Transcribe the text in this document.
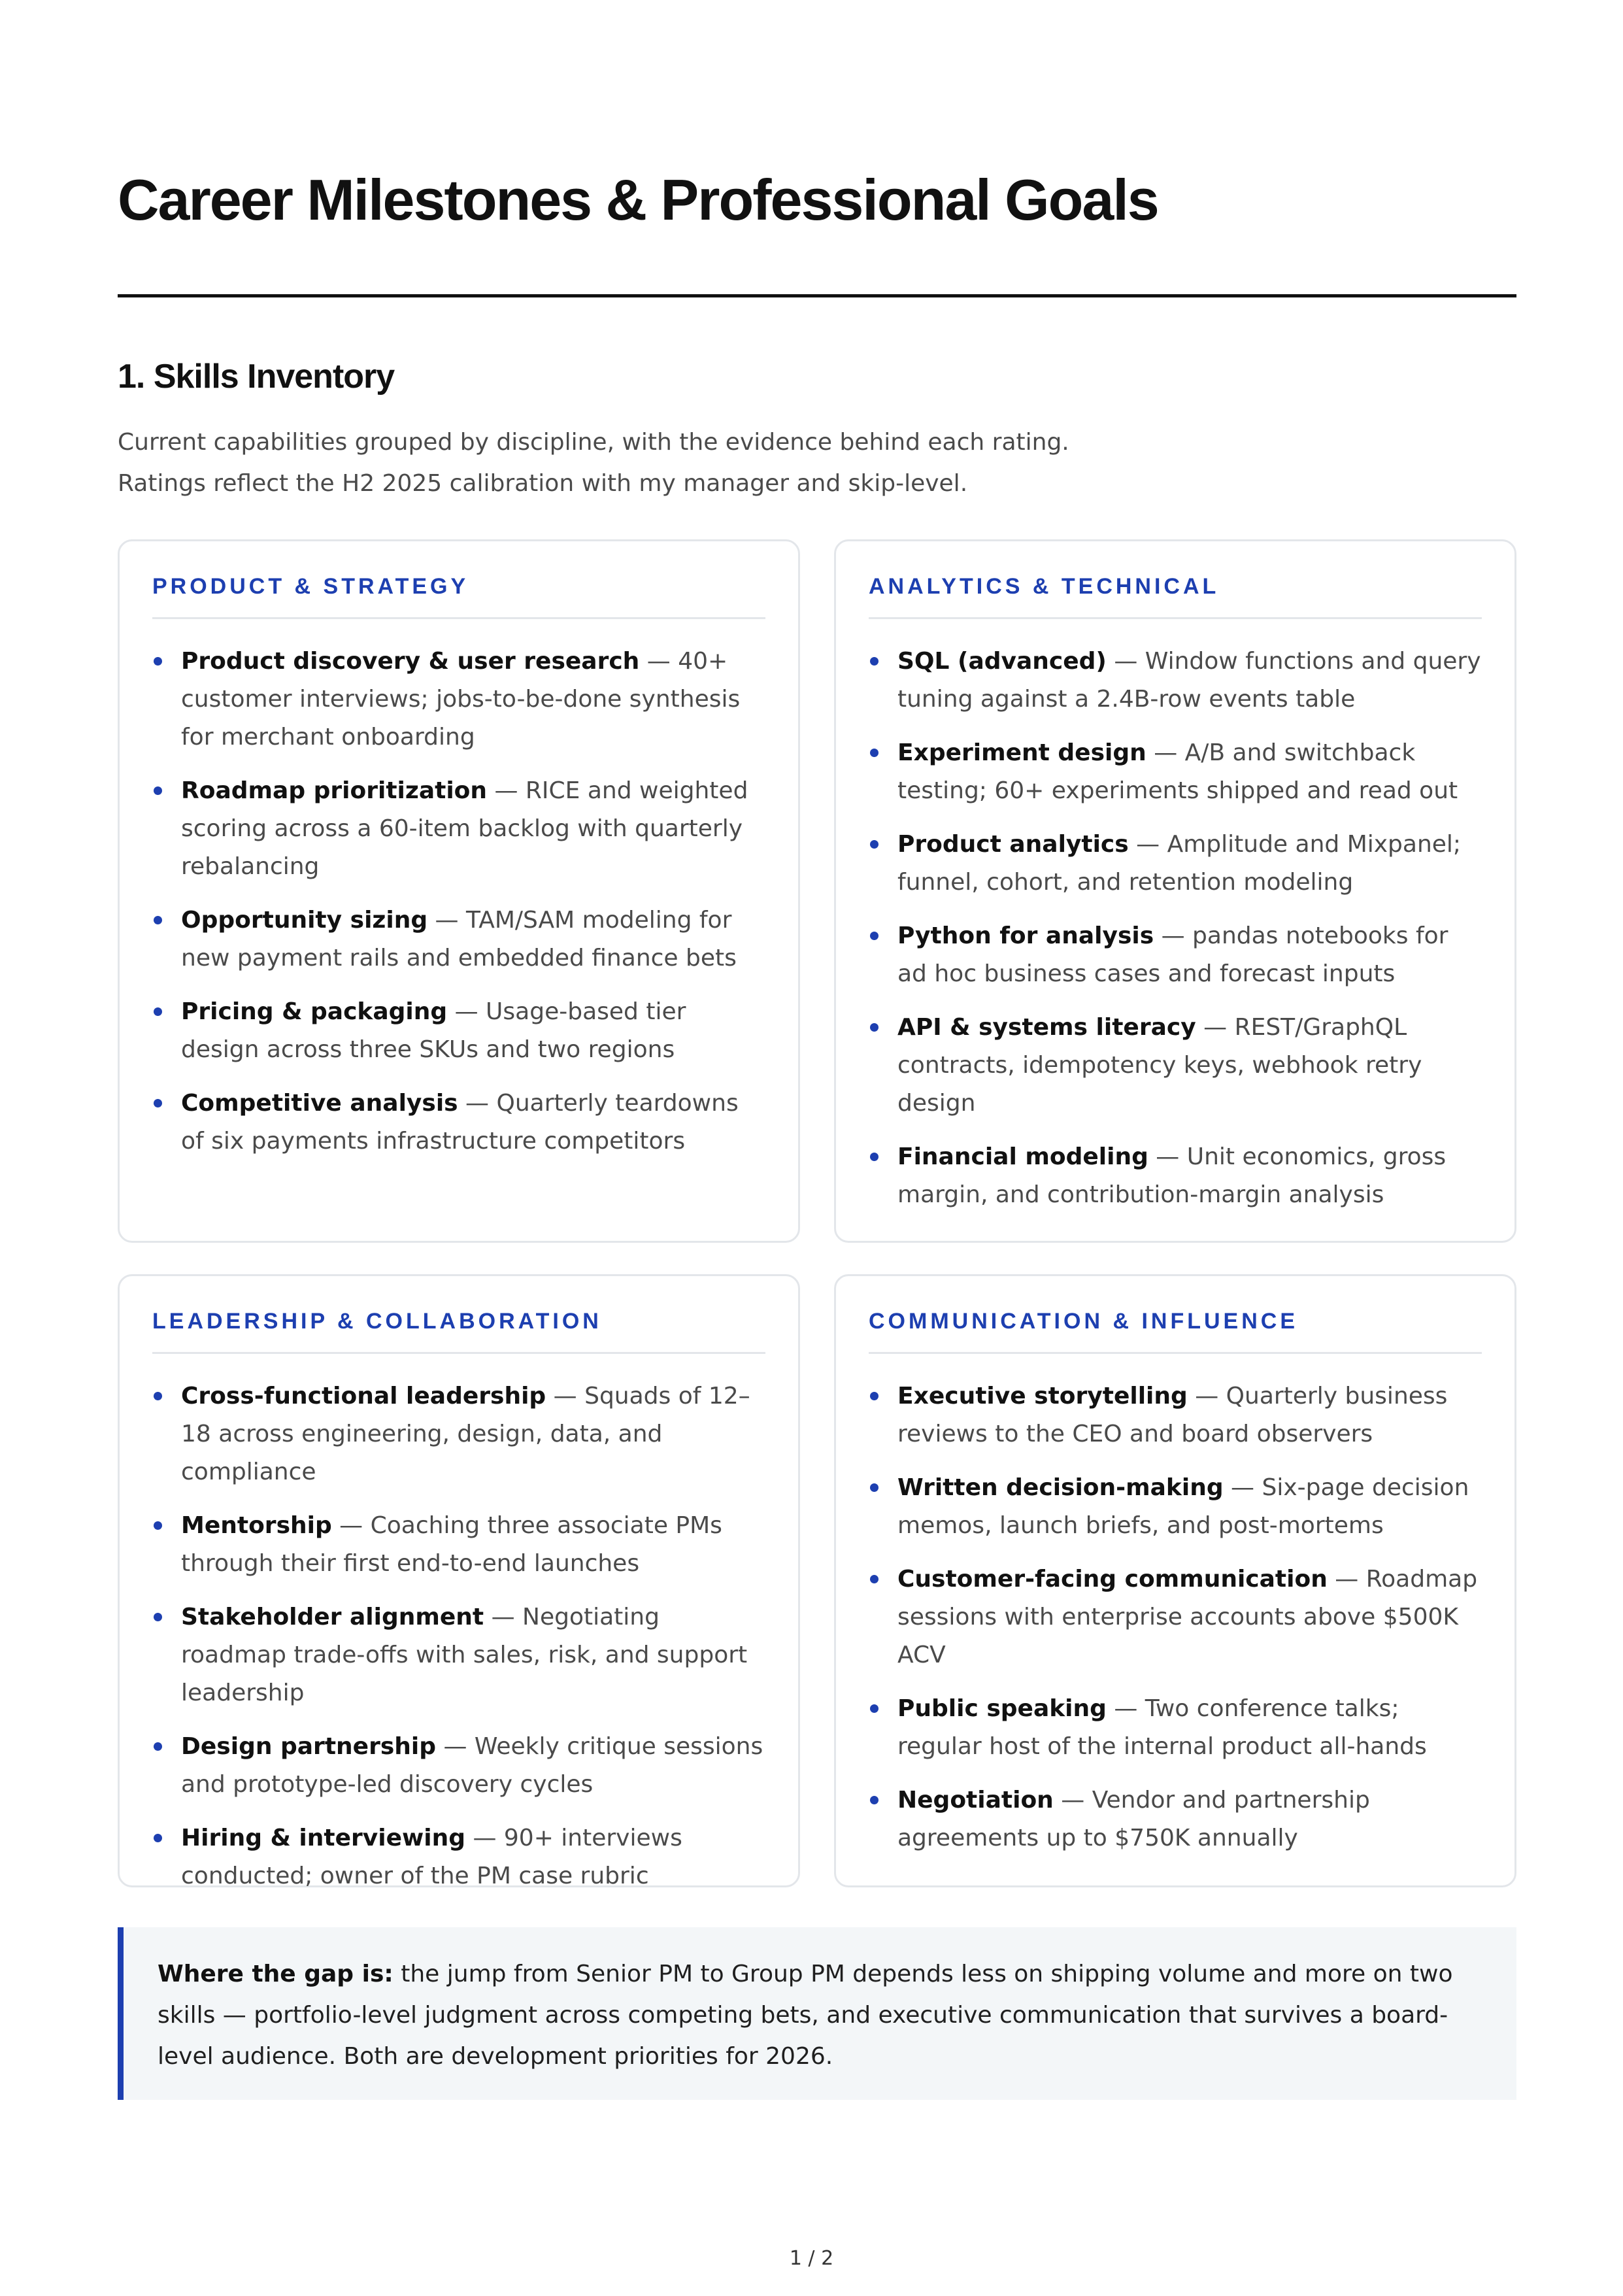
Career Milestones & Professional Goals
1. Skills Inventory
Current capabilities grouped by discipline, with the evidence behind each rating.
Ratings reflect the H2 2025 calibration with my manager and skip-level.
PRODUCT & STRATEGY
Product discovery & user research — 40+ customer interviews; jobs-to-be-done synthesis for merchant onboarding
Roadmap prioritization — RICE and weighted scoring across a 60-item backlog with quarterly rebalancing
Opportunity sizing — TAM/SAM modeling for new payment rails and embedded finance bets
Pricing & packaging — Usage-based tier design across three SKUs and two regions
Competitive analysis — Quarterly teardowns of six payments infrastructure competitors
ANALYTICS & TECHNICAL
SQL (advanced) — Window functions and query tuning against a 2.4B-row events table
Experiment design — A/B and switchback testing; 60+ experiments shipped and read out
Product analytics — Amplitude and Mixpanel; funnel, cohort, and retention modeling
Python for analysis — pandas notebooks for ad hoc business cases and forecast inputs
API & systems literacy — REST/GraphQL contracts, idempotency keys, webhook retry design
Financial modeling — Unit economics, gross margin, and contribution-margin analysis
LEADERSHIP & COLLABORATION
Cross-functional leadership — Squads of 12–18 across engineering, design, data, and compliance
Mentorship — Coaching three associate PMs through their first end-to-end launches
Stakeholder alignment — Negotiating roadmap trade-offs with sales, risk, and support leadership
Design partnership — Weekly critique sessions and prototype-led discovery cycles
Hiring & interviewing — 90+ interviews conducted; owner of the PM case rubric
COMMUNICATION & INFLUENCE
Executive storytelling — Quarterly business reviews to the CEO and board observers
Written decision-making — Six-page decision memos, launch briefs, and post-mortems
Customer-facing communication — Roadmap sessions with enterprise accounts above $500K ACV
Public speaking — Two conference talks; regular host of the internal product all-hands
Negotiation — Vendor and partnership agreements up to $750K annually
Where the gap is: the jump from Senior PM to Group PM depends less on shipping volume and more on two skills — portfolio-level judgment across competing bets, and executive communication that survives a board-level audience. Both are development priorities for 2026.
1 / 2
